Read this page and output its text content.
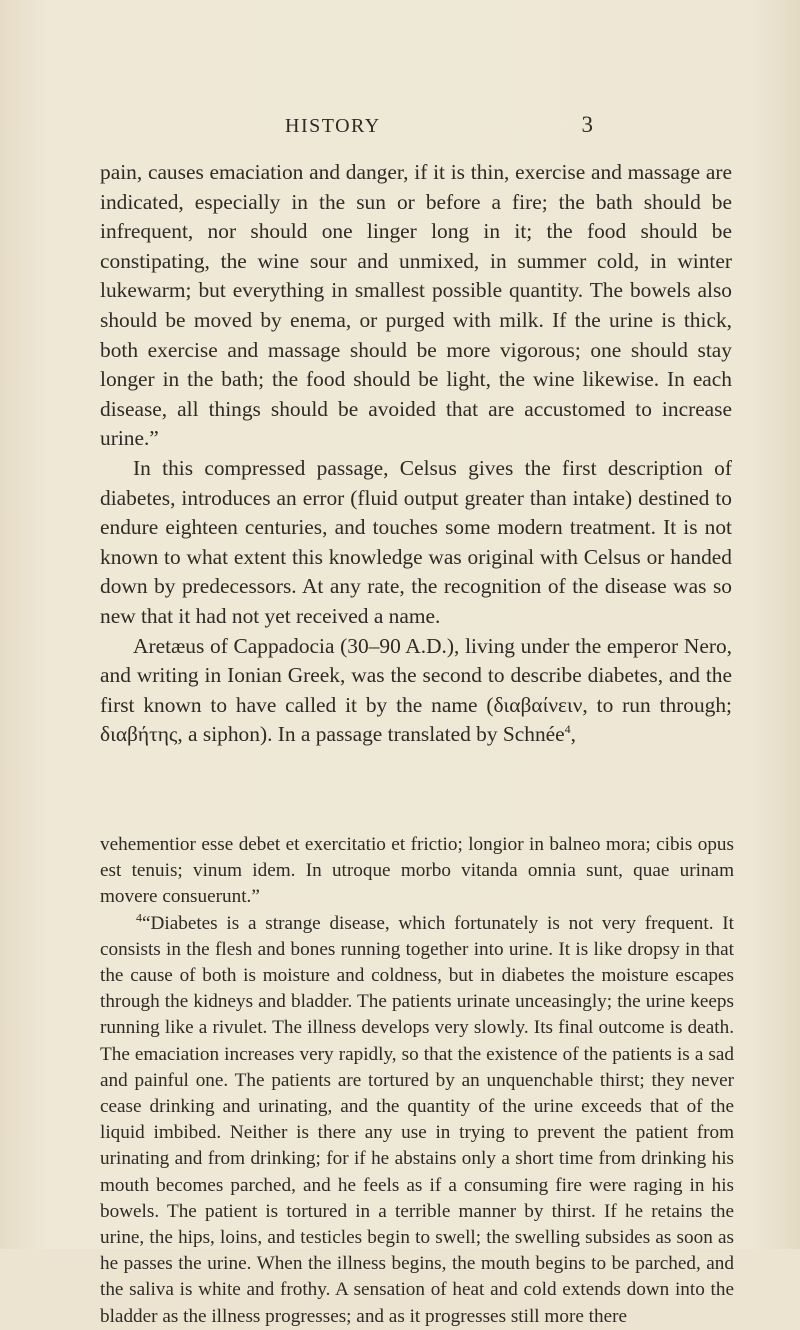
HISTORY	3

pain, causes emaciation and danger, if it is thin, exercise and massage are indicated, especially in the sun or before a fire; the bath should be infrequent, nor should one linger long in it; the food should be constipating, the wine sour and unmixed, in summer cold, in winter lukewarm; but everything in smallest possible quantity. The bowels also should be moved by enema, or purged with milk. If the urine is thick, both exercise and massage should be more vigorous; one should stay longer in the bath; the food should be light, the wine likewise. In each disease, all things should be avoided that are accustomed to increase urine.”

In this compressed passage, Celsus gives the first description of diabetes, introduces an error (fluid output greater than intake) destined to endure eighteen centuries, and touches some modern treatment. It is not known to what extent this knowledge was original with Celsus or handed down by predecessors. At any rate, the recognition of the disease was so new that it had not yet received a name.

Aretæus of Cappadocia (30–90 A.D.), living under the emperor Nero, and writing in Ionian Greek, was the second to describe diabetes, and the first known to have called it by the name (διαβαίνειν, to run through; διαβήτης, a siphon). In a passage translated by Schnée$^4$,

vehementior esse debet et exercitatio et frictio; longior in balneo mora; cibis opus est tenuis; vinum idem. In utroque morbo vitanda omnia sunt, quae urinam movere consuerunt.”

$^4$“Diabetes is a strange disease, which fortunately is not very frequent. It consists in the flesh and bones running together into urine. It is like dropsy in that the cause of both is moisture and coldness, but in diabetes the moisture escapes through the kidneys and bladder. The patients urinate unceasingly; the urine keeps running like a rivulet. The illness develops very slowly. Its final outcome is death. The emaciation increases very rapidly, so that the existence of the patients is a sad and painful one. The patients are tortured by an unquenchable thirst; they never cease drinking and urinating, and the quantity of the urine exceeds that of the liquid imbibed. Neither is there any use in trying to prevent the patient from urinating and from drinking; for if he abstains only a short time from drinking his mouth becomes parched, and he feels as if a consuming fire were raging in his bowels. The patient is tortured in a terrible manner by thirst. If he retains the urine, the hips, loins, and testicles begin to swell; the swelling subsides as soon as he passes the urine. When the illness begins, the mouth begins to be parched, and the saliva is white and frothy. A sensation of heat and cold extends down into the bladder as the illness progresses; and as it progresses still more there
